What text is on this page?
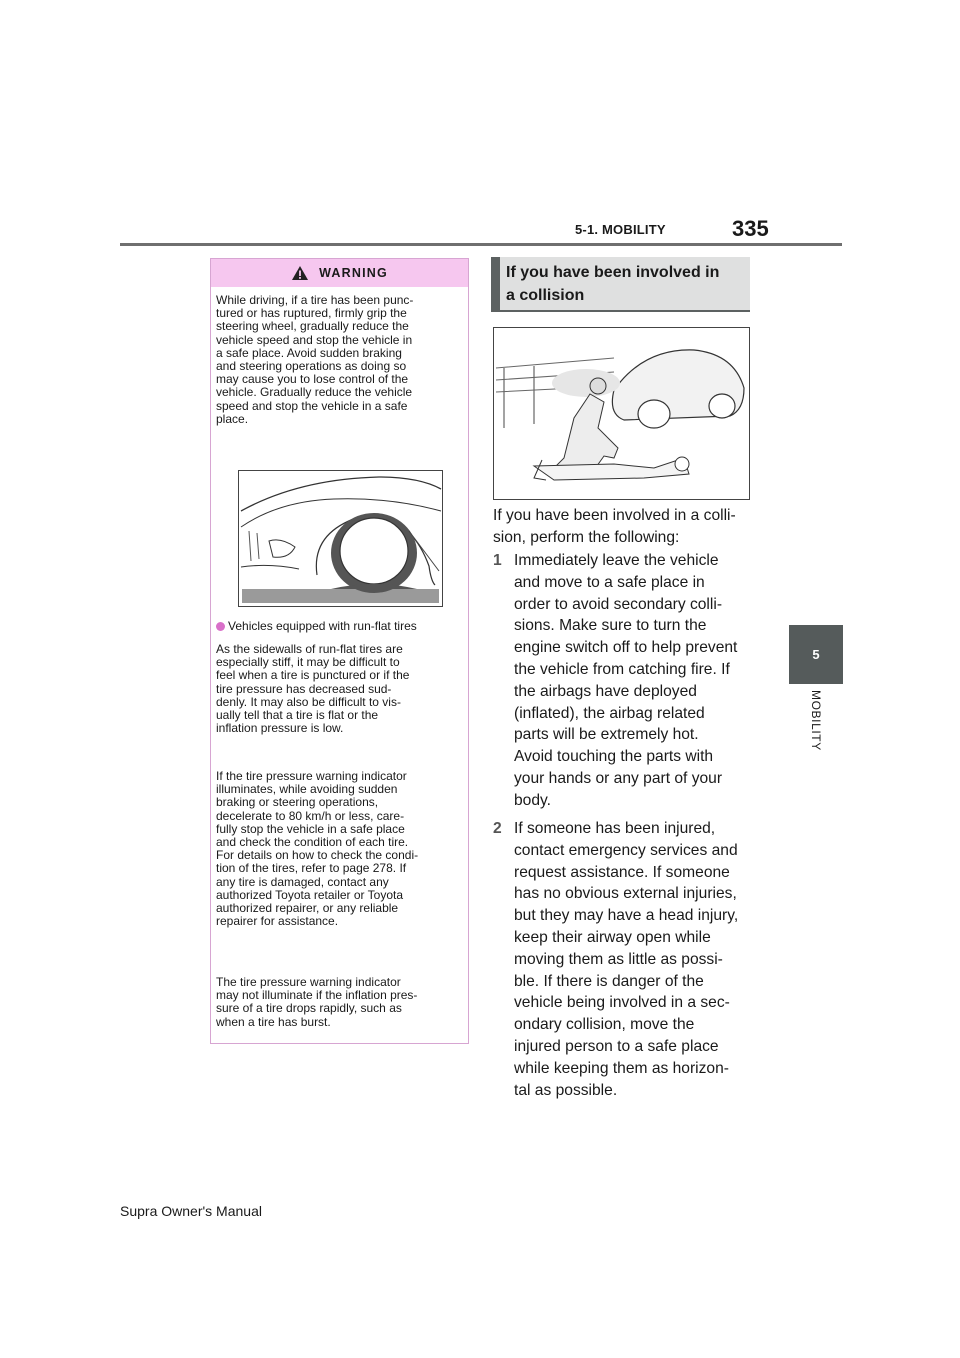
5-1. MOBILITY	335
5
MOBILITY
WARNING
While driving, if a tire has been punc-
tured or has ruptured, firmly grip the
steering wheel, gradually reduce the
vehicle speed and stop the vehicle in
a safe place. Avoid sudden braking
and steering operations as doing so
may cause you to lose control of the
vehicle. Gradually reduce the vehicle
speed and stop the vehicle in a safe
place.
Vehicles equipped with run-flat tires
As the sidewalls of run-flat tires are
especially stiff, it may be difficult to
feel when a tire is punctured or if the
tire pressure has decreased sud-
denly. It may also be difficult to vis-
ually tell that a tire is flat or the
inflation pressure is low.
If the tire pressure warning indicator
illuminates, while avoiding sudden
braking or steering operations,
decelerate to 80 km/h or less, care-
fully stop the vehicle in a safe place
and check the condition of each tire.
For details on how to check the condi-
tion of the tires, refer to page 278. If
any tire is damaged, contact any
authorized Toyota retailer or Toyota
authorized repairer, or any reliable
repairer for assistance.
The tire pressure warning indicator
may not illuminate if the inflation pres-
sure of a tire drops rapidly, such as
when a tire has burst.
If you have been involved in
a collision
If you have been involved in a colli-
sion, perform the following:
1 Immediately leave the vehicle
and move to a safe place in
order to avoid secondary colli-
sions. Make sure to turn the
engine switch off to help prevent
the vehicle from catching fire. If
the airbags have deployed
(inflated), the airbag related
parts will be extremely hot.
Avoid touching the parts with
your hands or any part of your
body.
2 If someone has been injured,
contact emergency services and
request assistance. If someone
has no obvious external injuries,
but they may have a head injury,
keep their airway open while
moving them as little as possi-
ble. If there is danger of the
vehicle being involved in a sec-
ondary collision, move the
injured person to a safe place
while keeping them as horizon-
tal as possible.
Supra Owner's Manual
